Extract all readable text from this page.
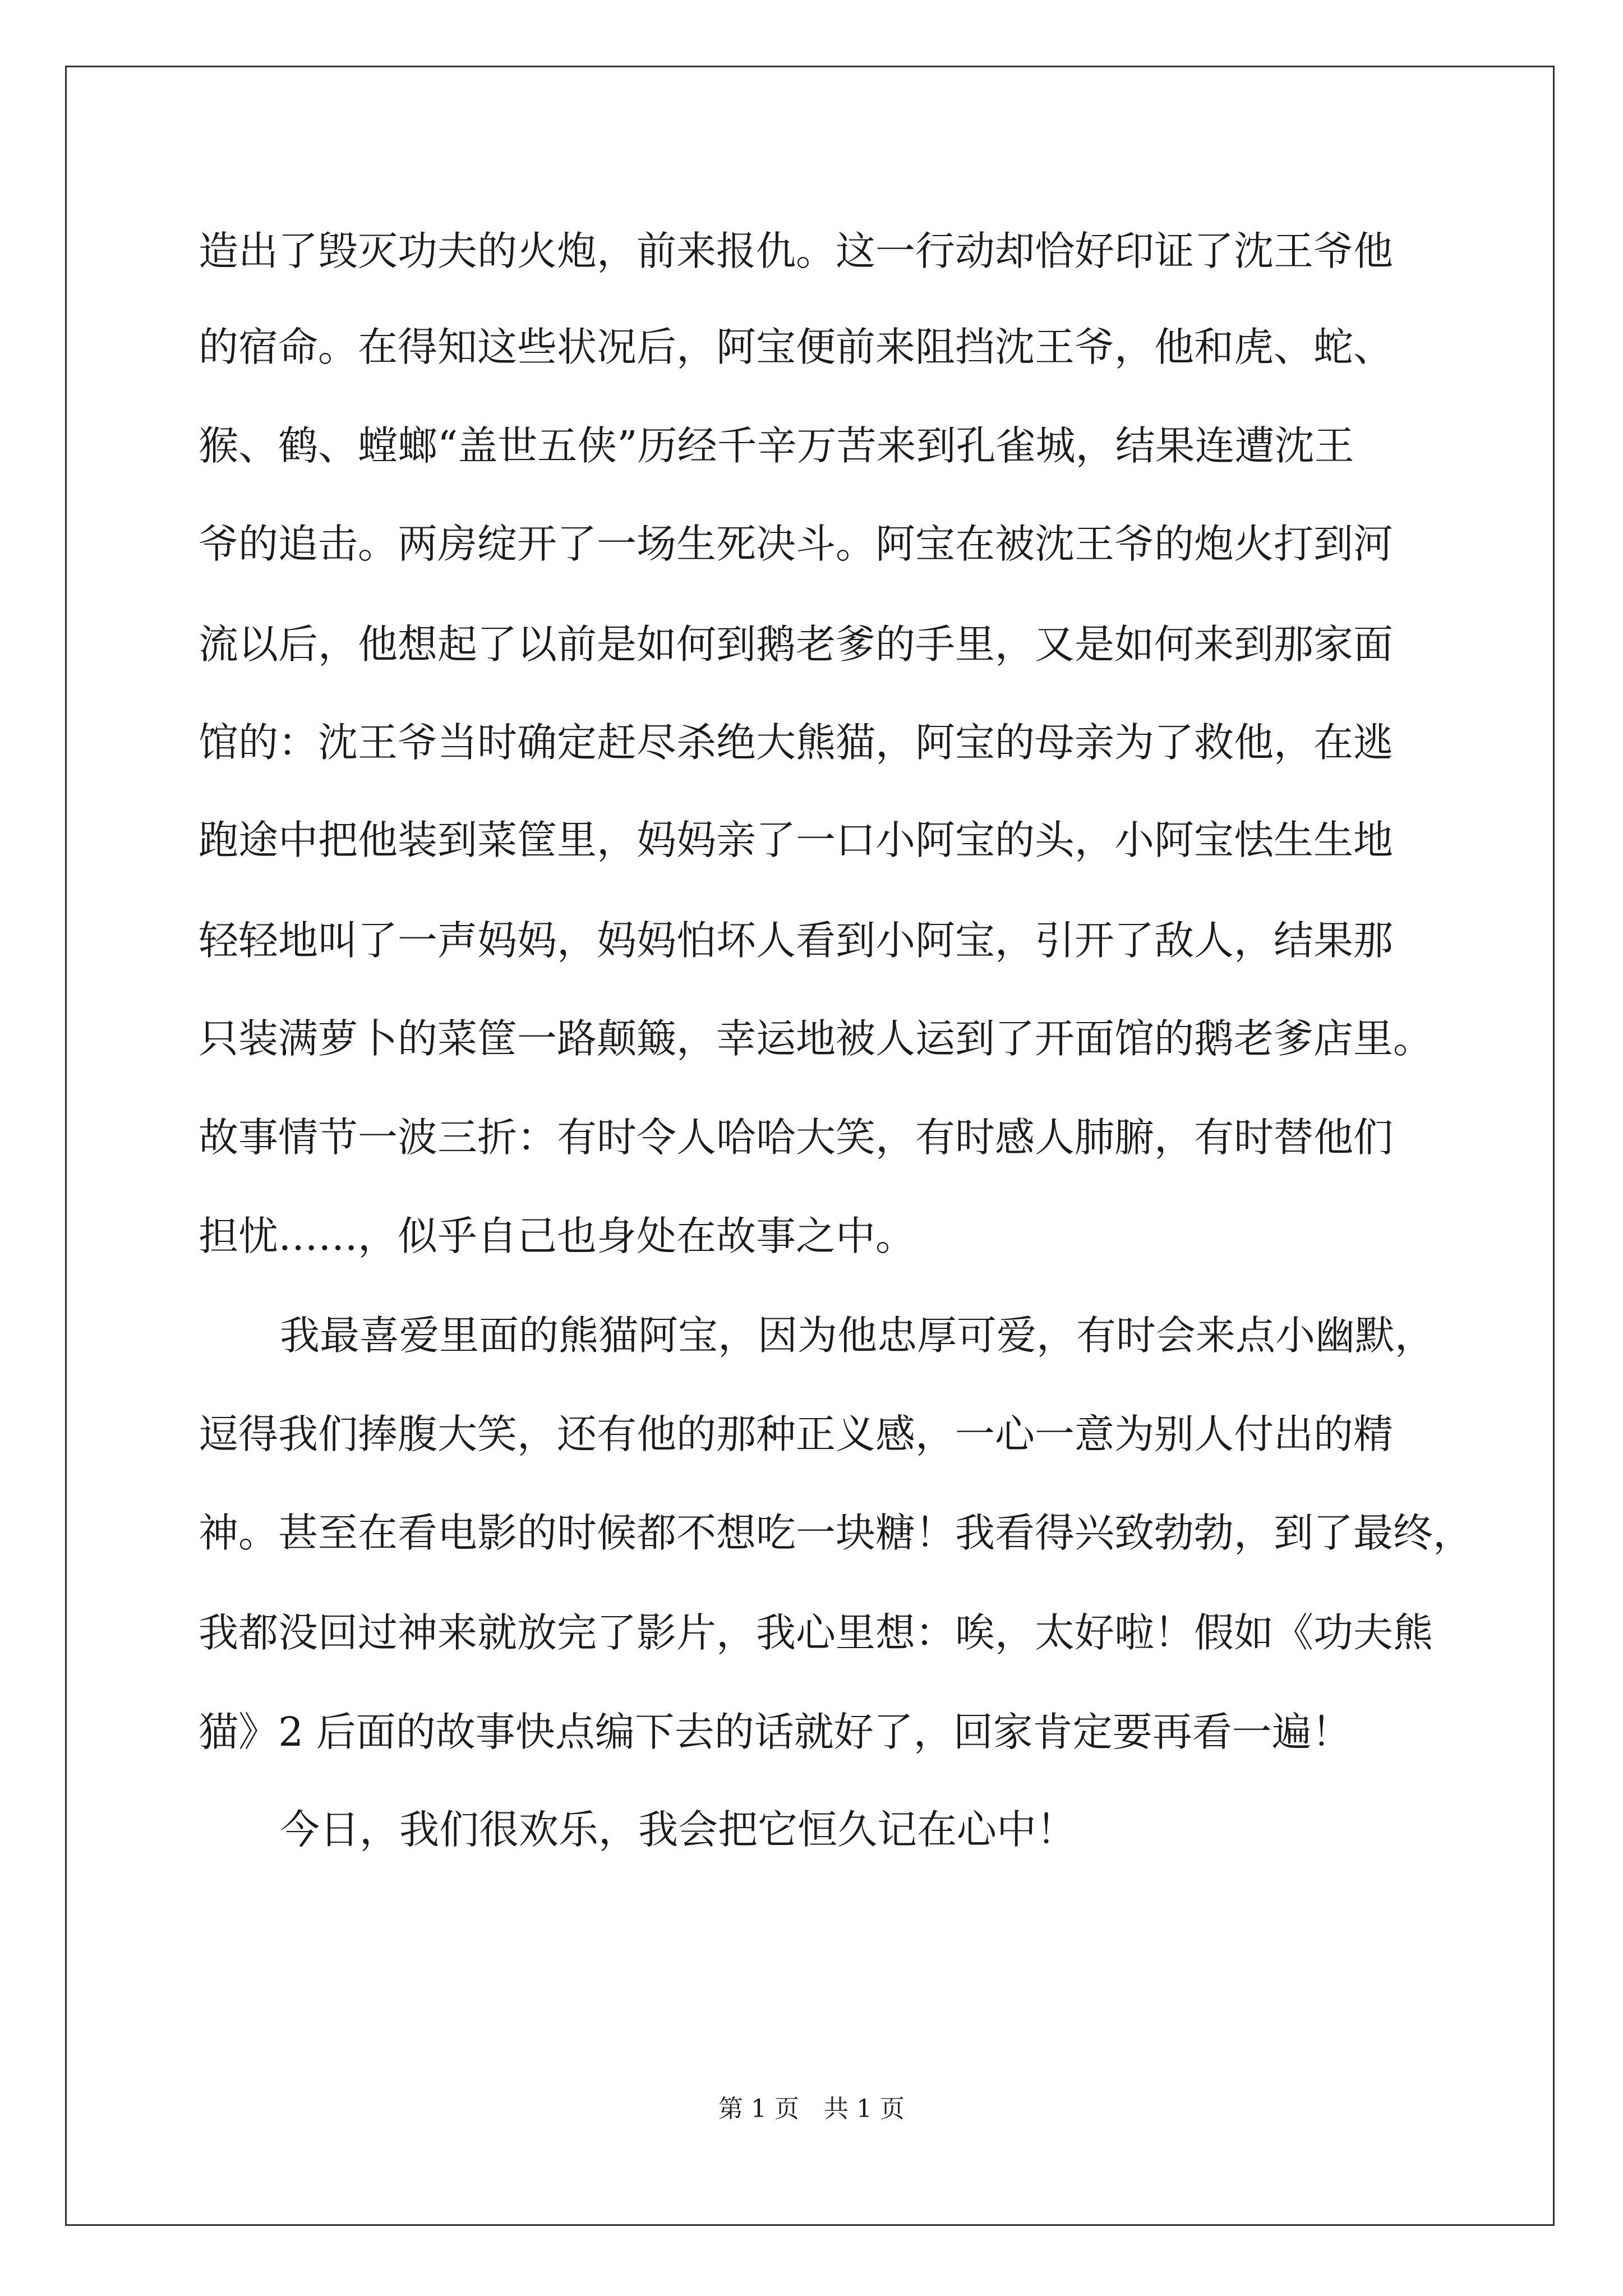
造出了毁灭功夫的火炮，前来报仇。这一行动却恰好印证了沈王爷他
的宿命。在得知这些状况后，阿宝便前来阻挡沈王爷，他和虎、蛇、
猴、鹤、螳螂“盖世五侠”历经千辛万苦来到孔雀城，结果连遭沈王
爷的追击。两房绽开了一场生死决斗。阿宝在被沈王爷的炮火打到河
流以后，他想起了以前是如何到鹅老爹的手里，又是如何来到那家面
馆的：沈王爷当时确定赶尽杀绝大熊猫，阿宝的母亲为了救他，在逃
跑途中把他装到菜筐里，妈妈亲了一口小阿宝的头，小阿宝怯生生地
轻轻地叫了一声妈妈，妈妈怕坏人看到小阿宝，引开了敌人，结果那
只装满萝卜的菜筐一路颠簸，幸运地被人运到了开面馆的鹅老爹店里。
故事情节一波三折：有时令人哈哈大笑，有时感人肺腑，有时替他们
担忧……，似乎自己也身处在故事之中。
我最喜爱里面的熊猫阿宝，因为他忠厚可爱，有时会来点小幽默，
逗得我们捧腹大笑，还有他的那种正义感，一心一意为别人付出的精
神。甚至在看电影的时候都不想吃一块糖！我看得兴致勃勃，到了最终，
我都没回过神来就放完了影片，我心里想：唉，太好啦！假如《功夫熊
猫》2 后面的故事快点编下去的话就好了，回家肯定要再看一遍！
今日，我们很欢乐，我会把它恒久记在心中！
第 1 页　共 1 页
